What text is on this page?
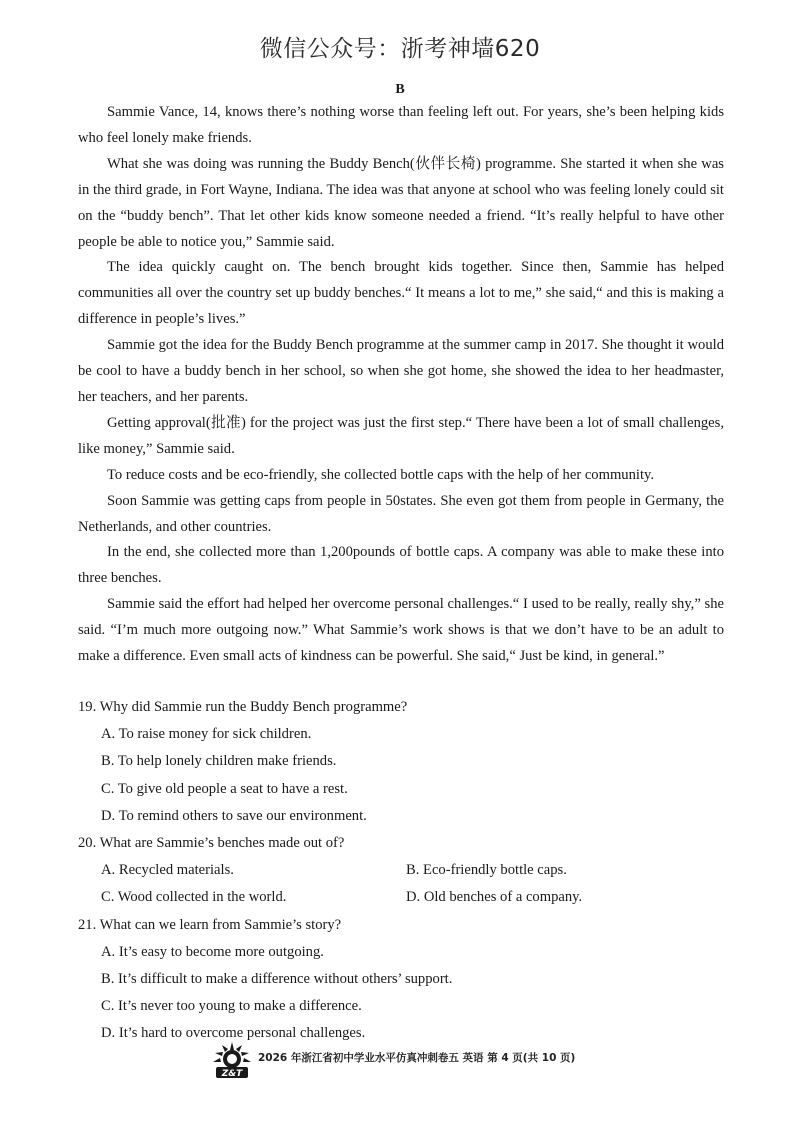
微信公众号：浙考神墙620
B

Sammie Vance, 14, knows there’s nothing worse than feeling left out. For years, she’s been helping kids who feel lonely make friends.

What she was doing was running the Buddy Bench(伙伴长椅) programme. She started it when she was in the third grade, in Fort Wayne, Indiana. The idea was that anyone at school who was feeling lonely could sit on the “buddy bench”. That let other kids know someone needed a friend. “It’s really helpful to have other people be able to notice you,” Sammie said.

The idea quickly caught on. The bench brought kids together. Since then, Sammie has helped communities all over the country set up buddy benches.“ It means a lot to me,” she said,“ and this is making a difference in people’s lives.”

Sammie got the idea for the Buddy Bench programme at the summer camp in 2017. She thought it would be cool to have a buddy bench in her school, so when she got home, she showed the idea to her headmaster, her teachers, and her parents.

Getting approval(批准) for the project was just the first step.“ There have been a lot of small challenges, like money,” Sammie said.

To reduce costs and be eco-friendly, she collected bottle caps with the help of her community.

Soon Sammie was getting caps from people in 50states. She even got them from people in Germany, the Netherlands, and other countries.

In the end, she collected more than 1,200pounds of bottle caps. A company was able to make these into three benches.

Sammie said the effort had helped her overcome personal challenges.“ I used to be really, really shy,” she said. “I’m much more outgoing now.” What Sammie’s work shows is that we don’t have to be an adult to make a difference. Even small acts of kindness can be powerful. She said,“ Just be kind, in general.”

19. Why did Sammie run the Buddy Bench programme?

A. To raise money for sick children.
B. To help lonely children make friends.
C. To give old people a seat to have a rest.
D. To remind others to save our environment.

20. What are Sammie’s benches made out of?

A. Recycled materials.	B. Eco-friendly bottle caps.C. Wood collected in the world.	D. Old benches of a company.

21. What can we learn from Sammie’s story?

A. It’s easy to become more outgoing.
B. It’s difficult to make a difference without others’ support.
C. It’s never too young to make a difference.
D. It’s hard to overcome personal challenges.
Z&T
2026 年浙江省初中学业水平仿真冲刺卷五 英语 第 4 页(共 10 页)
